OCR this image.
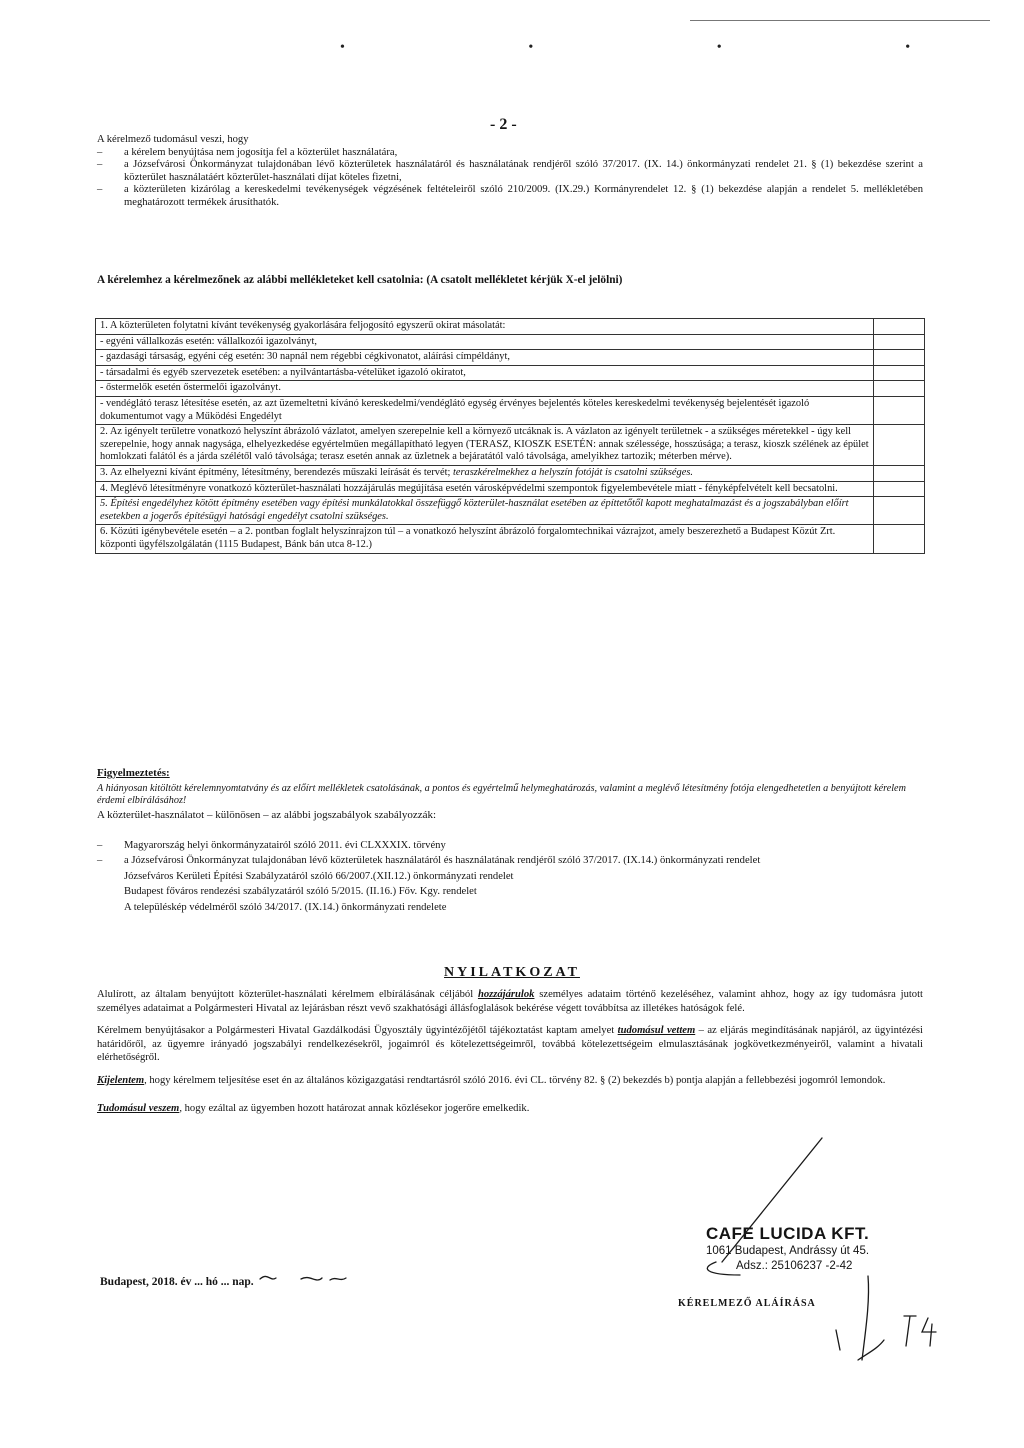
• • • •
- 2 -
A kérelmező tudomásul veszi, hogy
–	a kérelem benyújtása nem jogosítja fel a közterület használatára,
–	a Józsefvárosi Önkormányzat tulajdonában lévő közterületek használatáról és használatának rendjéről szóló 37/2017. (IX. 14.) önkormányzati rendelet 21. § (1) bekezdése szerint a közterület használatáért közterület-használati díjat köteles fizetni,
–	a közterületen kizárólag a kereskedelmi tevékenységek végzésének feltételeiről szóló 210/2009. (IX.29.) Kormányrendelet 12. § (1) bekezdése alapján a rendelet 5. mellékletében meghatározott termékek árusíthatók.
A kérelemhez a kérelmezőnek az alábbi mellékleteket kell csatolnia: (A csatolt mellékletet kérjük X-el jelölni)
1. A közterületen folytatni kívánt tevékenység gyakorlására feljogosító egyszerű okirat másolatát:	
- egyéni vállalkozás esetén: vállalkozói igazolványt,	
- gazdasági társaság, egyéni cég esetén: 30 napnál nem régebbi cégkivonatot, aláírási címpéldányt,	
- társadalmi és egyéb szervezetek esetében: a nyilvántartásba-vételüket igazoló okiratot,	
- őstermelők esetén őstermelői igazolványt.	
- vendéglátó terasz létesítése esetén, az azt üzemeltetni kívánó kereskedelmi/vendéglátó egység érvényes bejelentés köteles kereskedelmi tevékenység bejelentését igazoló dokumentumot vagy a Működési Engedélyt	
2. Az igényelt területre vonatkozó helyszínt ábrázoló vázlatot, amelyen szerepelnie kell a környező utcáknak is. A vázlaton az igényelt területnek - a szükséges méretekkel - úgy kell szerepelnie, hogy annak nagysága, elhelyezkedése egyértelműen megállapítható legyen (TERASZ, KIOSZK ESETÉN: annak szélessége, hosszúsága; a terasz, kioszk szélének az épület homlokzati falától és a járda szélétől való távolsága; terasz esetén annak az üzletnek a bejáratától való távolsága, amelyikhez tartozik; méterben mérve).	
3. Az elhelyezni kívánt építmény, létesítmény, berendezés műszaki leírását és tervét; teraszkérelmekhez a helyszín fotóját is csatolni szükséges.	
4. Meglévő létesítményre vonatkozó közterület-használati hozzájárulás megújítása esetén városképvédelmi szempontok figyelembevétele miatt - fényképfelvételt kell becsatolni.	
5. Építési engedélyhez kötött építmény esetében vagy építési munkálatokkal összefüggő közterület-használat esetében az építtetőtől kapott meghatalmazást és a jogszabályban előírt esetekben a jogerős építésügyi hatósági engedélyt csatolni szükséges.	
6. Közúti igénybevétele esetén – a 2. pontban foglalt helyszínrajzon túl – a vonatkozó helyszínt ábrázoló forgalomtechnikai vázrajzot, amely beszerezhető a Budapest Közút Zrt. központi ügyfélszolgálatán (1115 Budapest, Bánk bán utca 8-12.)	
Figyelmeztetés:
A hiányosan kitöltött kérelemnyomtatvány és az előírt mellékletek csatolásának, a pontos és egyértelmű helymeghatározás, valamint a meglévő létesítmény fotója elengedhetetlen a benyújtott kérelem érdemi elbírálásához!
A közterület-használatot – különösen – az alábbi jogszabályok szabályozzák:
–	Magyarország helyi önkormányzatairól szóló 2011. évi CLXXXIX. törvény
–	a Józsefvárosi Önkormányzat tulajdonában lévő közterületek használatáról és használatának rendjéről szóló 37/2017. (IX.14.) önkormányzati rendelet
Józsefváros Kerületi Építési Szabályzatáról szóló 66/2007.(XII.12.) önkormányzati rendelet
Budapest főváros rendezési szabályzatáról szóló 5/2015. (II.16.) Főv. Kgy. rendelet
A településkép védelméről szóló 34/2017. (IX.14.) önkormányzati rendelete
NYILATKOZAT
Alulírott, az általam benyújtott közterület-használati kérelmem elbírálásának céljából hozzájárulok személyes adataim történő kezeléséhez, valamint ahhoz, hogy az így tudomásra jutott személyes adataimat a Polgármesteri Hivatal az lejárásban részt vevő szakhatósági állásfoglalások bekérése végett továbbítsa az illetékes hatóságok felé.
Kérelmem benyújtásakor a Polgármesteri Hivatal Gazdálkodási Ügyosztály ügyintézőjétől tájékoztatást kaptam amelyet tudomásul vettem – az eljárás megindításának napjáról, az ügyintézési határidőről, az ügyemre irányadó jogszabályi rendelkezésekről, jogaimról és kötelezettségeimről, továbbá kötelezettségeim elmulasztásának jogkövetkezményeiről, valamint a hivatali elérhetőségről.
Kijelentem, hogy kérelmem teljesítése eset én az általános közigazgatási rendtartásról szóló 2016. évi CL. törvény 82. § (2) bekezdés b) pontja alapján a fellebbezési jogomról lemondok.
Tudomásul veszem, hogy ezáltal az ügyemben hozott határozat annak közlésekor jogerőre emelkedik.
CAFE LUCIDA KFT.
1061 Budapest, Andrássy út 45.
Adsz.: 25106237 -2-42
Budapest, 2018. év ... hó ... nap.
KÉRELMEZŐ ALÁÍRÁSA
